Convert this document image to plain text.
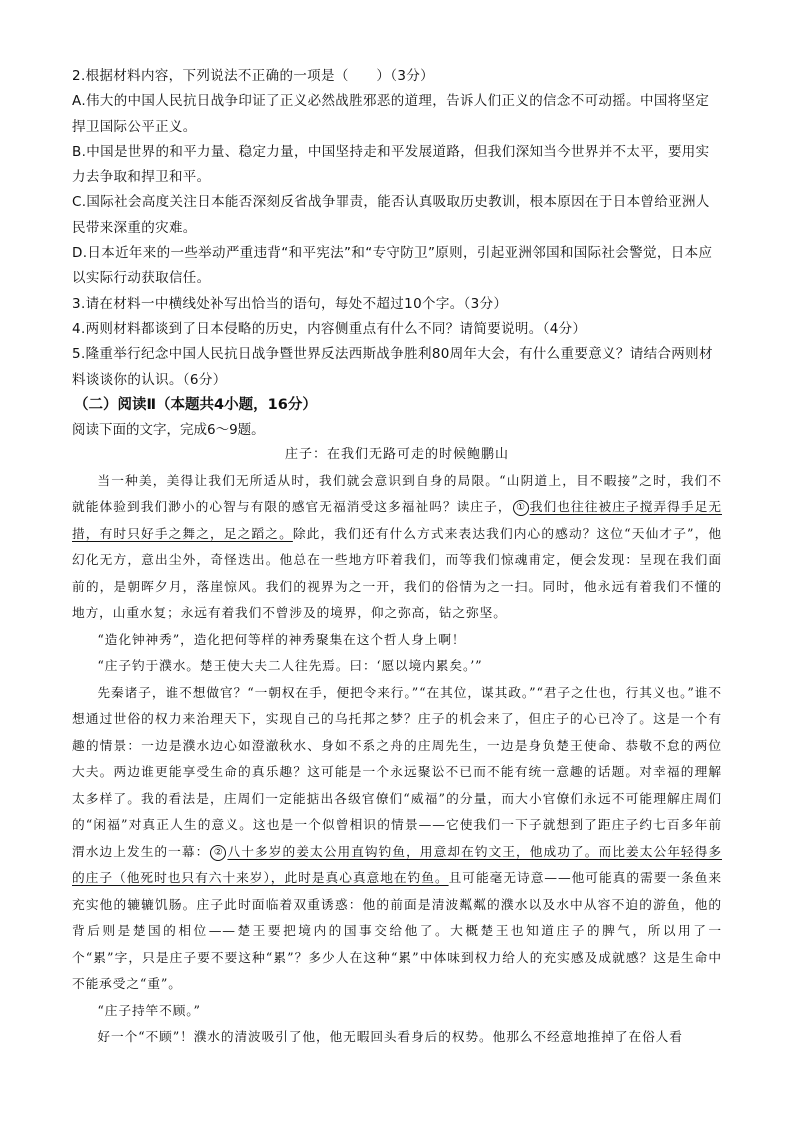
2.根据材料内容，下列说法不正确的一项是（　　）（3分）

A.伟大的中国人民抗日战争印证了正义必然战胜邪恶的道理，告诉人们正义的信念不可动摇。中国将坚定捍卫国际公平正义。

B.中国是世界的和平力量、稳定力量，中国坚持走和平发展道路，但我们深知当今世界并不太平，要用实力去争取和捍卫和平。

C.国际社会高度关注日本能否深刻反省战争罪责，能否认真吸取历史教训，根本原因在于日本曾给亚洲人民带来深重的灾难。

D.日本近年来的一些举动严重违背“和平宪法”和“专守防卫”原则，引起亚洲邻国和国际社会警觉，日本应以实际行动获取信任。

3.请在材料一中横线处补写出恰当的语句，每处不超过10个字。（3分）

4.两则材料都谈到了日本侵略的历史，内容侧重点有什么不同？请简要说明。（4分）

5.隆重举行纪念中国人民抗日战争暨世界反法西斯战争胜利80周年大会，有什么重要意义？请结合两则材料谈谈你的认识。（6分）

（二）阅读Ⅱ（本题共4小题，16分）

阅读下面的文字，完成6～9题。

庄子：在我们无路可走的时候鲍鹏山

当一种美，美得让我们无所适从时，我们就会意识到自身的局限。“山阴道上，目不暇接”之时，我们不就能体验到我们渺小的心智与有限的感官无福消受这多福祉吗？读庄子， ① 我们也往往被庄子搅弄得手足无措，有时只好手之舞之，足之蹈之。除此，我们还有什么方式来表达我们内心的感动？这位“天仙才子”，他幻化无方，意出尘外，奇怪迭出。他总在一些地方吓着我们，而等我们惊魂甫定，便会发现：呈现在我们面前的，是朝晖夕月，落崖惊风。我们的视界为之一开，我们的俗情为之一扫。同时，他永远有着我们不懂的地方，山重水复；永远有着我们不曾涉及的境界，仰之弥高，钻之弥坚。

“造化钟神秀”，造化把何等样的神秀聚集在这个哲人身上啊！

“庄子钓于濮水。楚王使大夫二人往先焉。曰：‘愿以境内累矣。’”

先秦诸子，谁不想做官？“一朝权在手，便把令来行。”“在其位，谋其政。”“君子之仕也，行其义也。”谁不想通过世俗的权力来治理天下，实现自己的乌托邦之梦？庄子的机会来了，但庄子的心已冷了。这是一个有趣的情景：一边是濮水边心如澄澈秋水、身如不系之舟的庄周先生，一边是身负楚王使命、恭敬不怠的两位大夫。两边谁更能享受生命的真乐趣？这可能是一个永远聚讼不已而不能有统一意趣的话题。对幸福的理解太多样了。我的看法是，庄周们一定能掂出各级官僚们“威福”的分量，而大小官僚们永远不可能理解庄周们的“闲福”对真正人生的意义。这也是一个似曾相识的情景——它使我们一下子就想到了距庄子约七百多年前渭水边上发生的一幕： ② 八十多岁的姜太公用直钩钓鱼，用意却在钓文王，他成功了。而比姜太公年轻得多的庄子（他死时也只有六十来岁），此时是真心真意地在钓鱼。且可能毫无诗意——他可能真的需要一条鱼来充实他的辘辘饥肠。庄子此时面临着双重诱惑：他的前面是清波粼粼的濮水以及水中从容不迫的游鱼，他的背后则是楚国的相位——楚王要把境内的国事交给他了。大概楚王也知道庄子的脾气，所以用了一个“累”字，只是庄子要不要这种“累”？多少人在这种“累”中体味到权力给人的充实感及成就感？这是生命中不能承受之“重”。

“庄子持竿不顾。”

好一个“不顾”！濮水的清波吸引了他，他无暇回头看身后的权势。他那么不经意地推掉了在俗人看
